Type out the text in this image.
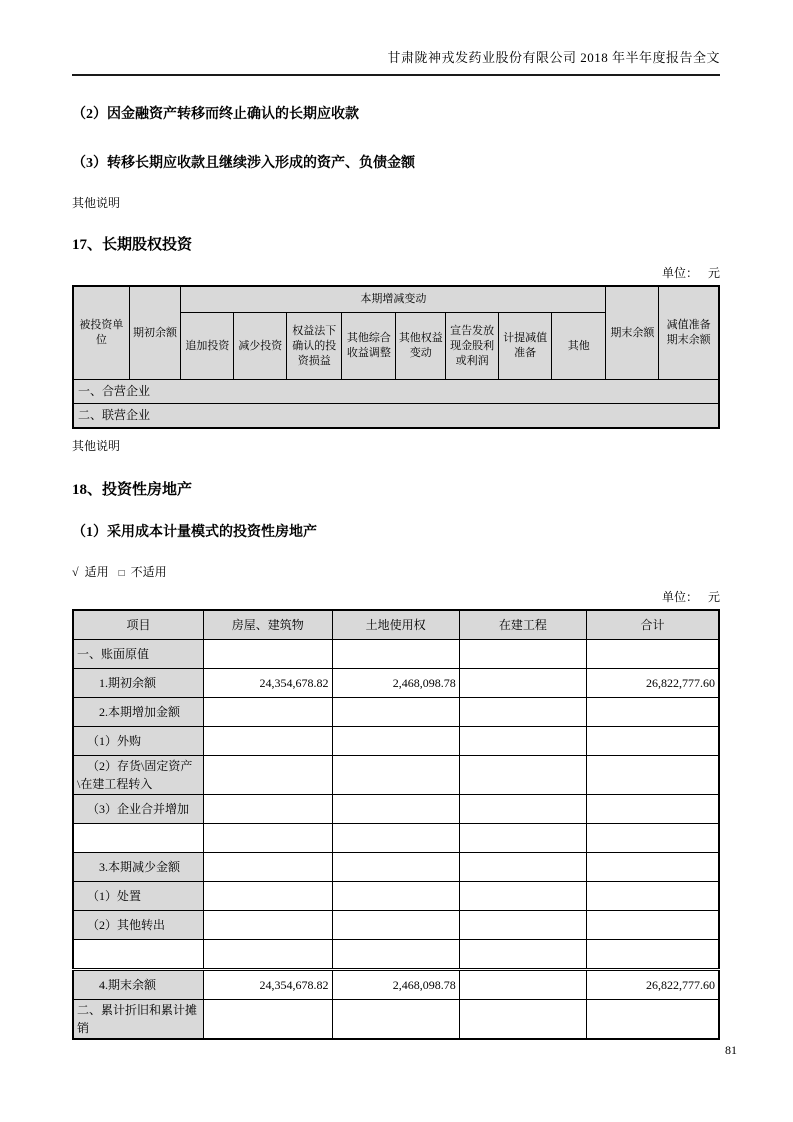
甘肃陇神戎发药业股份有限公司 2018 年半年度报告全文
（2）因金融资产转移而终止确认的长期应收款
（3）转移长期应收款且继续涉入形成的资产、负债金额
其他说明
17、长期股权投资
单位： 元
被投资单位	期初余额	本期增减变动								期末余额	减值准备期末余额
		追加投资	减少投资	权益法下确认的投资损益	其他综合收益调整	其他权益变动	宣告发放现金股利或利润	计提减值准备	其他		
一、合营企业											
二、联营企业											
其他说明
18、投资性房地产
（1）采用成本计量模式的投资性房地产
√ 适用 □ 不适用
单位： 元
项目	房屋、建筑物	土地使用权	在建工程	合计
一、账面原值				
1.期初余额	24,354,678.82	2,468,098.78		26,822,777.60
2.本期增加金额				
（1）外购				
（2）存货\固定资产\在建工程转入				
（3）企业合并增加				

3.本期减少金额				
（1）处置				
（2）其他转出				

4.期末余额	24,354,678.82	2,468,098.78		26,822,777.60
二、累计折旧和累计摊销				
81
